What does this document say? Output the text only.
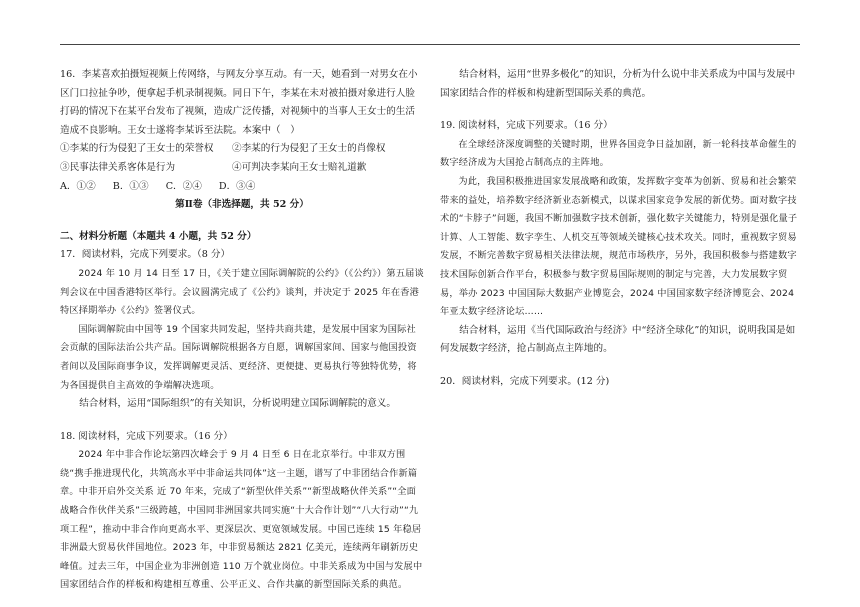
16．李某喜欢拍摄短视频上传网络，与网友分享互动。有一天，她看到一对男女在小区门口拉扯争吵，便拿起手机录制视频。同日下午，李某在未对被拍摄对象进行人脸打码的情况下在某平台发布了视频，造成广泛传播，对视频中的当事人王女士的生活造成不良影响。王女士遂将李某诉至法院。本案中（　）

①李某的行为侵犯了王女士的荣誉权	②李某的行为侵犯了王女士的肖像权
③民事法律关系客体是行为	④可判决李某向王女士赔礼道歉
A．①② B．①③ C．②④ D．③④

第Ⅱ卷（非选择题，共 52 分）

二、材料分析题（本题共 4 小题，共 52 分）

17．阅读材料，完成下列要求。（8 分）

2024 年 10 月 14 日至 17 日，《关于建立国际调解院的公约》（《公约》）第五届谈判会议在中国香港特区举行。会议圆满完成了《公约》谈判，并决定于 2025 年在香港特区择期举办《公约》签署仪式。

国际调解院由中国等 19 个国家共同发起，坚持共商共建，是发展中国家为国际社会贡献的国际法治公共产品。国际调解院根据各方自愿，调解国家间、国家与他国投资者间以及国际商事争议，发挥调解更灵活、更经济、更便捷、更易执行等独特优势，将为各国提供自主高效的争端解决选项。

结合材料，运用“国际组织”的有关知识，分析说明建立国际调解院的意义。

18. 阅读材料，完成下列要求。（16 分）

2024 年中非合作论坛第四次峰会于 9 月 4 日至 6 日在北京举行。中非双方围绕“携手推进现代化，共筑高水平中非命运共同体”这一主题，谱写了中非团结合作新篇章。中非开启外交关系 近 70 年来，完成了“新型伙伴关系”“新型战略伙伴关系”“全面战略合作伙伴关系”三级跨越，中国同非洲国家共同实施“十大合作计划”“八大行动”“九项工程”，推动中非合作向更高水平、更深层次、更宽领域发展。中国已连续 15 年稳居非洲最大贸易伙伴国地位。2023 年，中非贸易额达 2821 亿美元，连续两年刷新历史峰值。过去三年，中国企业为非洲创造 110 万个就业岗位。中非关系成为中国与发展中国家团结合作的样板和构建相互尊重、公平正义、合作共赢的新型国际关系的典范。

结合材料，运用“世界多极化”的知识，分析为什么说中非关系成为中国与发展中国家团结合作的样板和构建新型国际关系的典范。

19. 阅读材料，完成下列要求。（16 分）

在全球经济深度调整的关键时期，世界各国竞争日益加剧，新一轮科技革命催生的数字经济成为大国抢占制高点的主阵地。

为此，我国积极推进国家发展战略和政策，发挥数字变革为创新、贸易和社会繁荣带来的益处，培养数字经济新业态新模式，以谋求国家竞争发展的新优势。面对数字技术的“卡脖子”问题，我国不断加强数字技术创新，强化数字关键能力，特别是强化量子计算、人工智能、数字孪生、人机交互等领域关键核心技术攻关。同时，重视数字贸易发展，不断完善数字贸易相关法律法规，规范市场秩序，另外，我国积极参与搭建数字技术国际创新合作平台，积极参与数字贸易国际规则的制定与完善，大力发展数字贸易，举办 2023 中国国际大数据产业博览会，2024 中国国家数字经济博览会、2024 年亚太数字经济论坛……

结合材料，运用《当代国际政治与经济》中“经济全球化”的知识，说明我国是如何发展数字经济，抢占制高点主阵地的。

20．阅读材料，完成下列要求。(12 分)
